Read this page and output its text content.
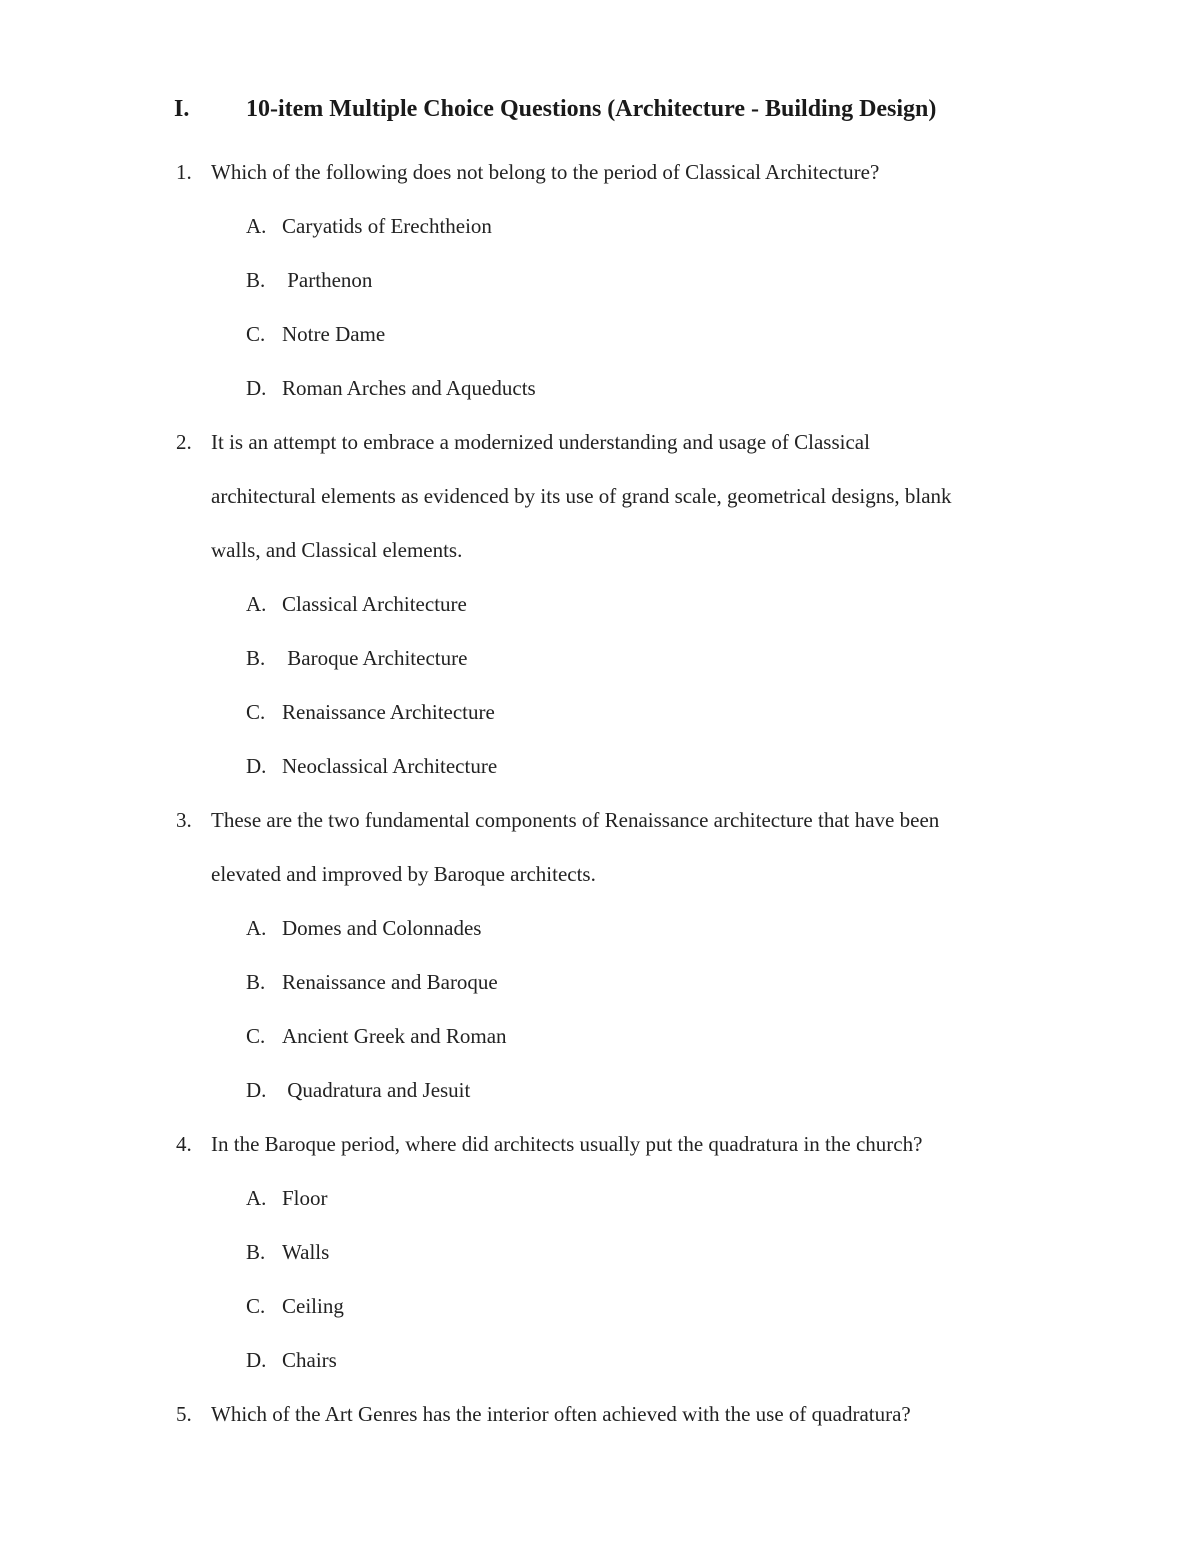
I. 10-item Multiple Choice Questions (Architecture - Building Design)
1. Which of the following does not belong to the period of Classical Architecture?
A. Caryatids of Erechtheion
B. Parthenon
C. Notre Dame
D. Roman Arches and Aqueducts
2. It is an attempt to embrace a modernized understanding and usage of Classical
architectural elements as evidenced by its use of grand scale, geometrical designs, blank
walls, and Classical elements.
A. Classical Architecture
B. Baroque Architecture
C. Renaissance Architecture
D. Neoclassical Architecture
3. These are the two fundamental components of Renaissance architecture that have been
elevated and improved by Baroque architects.
A. Domes and Colonnades
B. Renaissance and Baroque
C. Ancient Greek and Roman
D. Quadratura and Jesuit
4. In the Baroque period, where did architects usually put the quadratura in the church?
A. Floor
B. Walls
C. Ceiling
D. Chairs
5. Which of the Art Genres has the interior often achieved with the use of quadratura?
